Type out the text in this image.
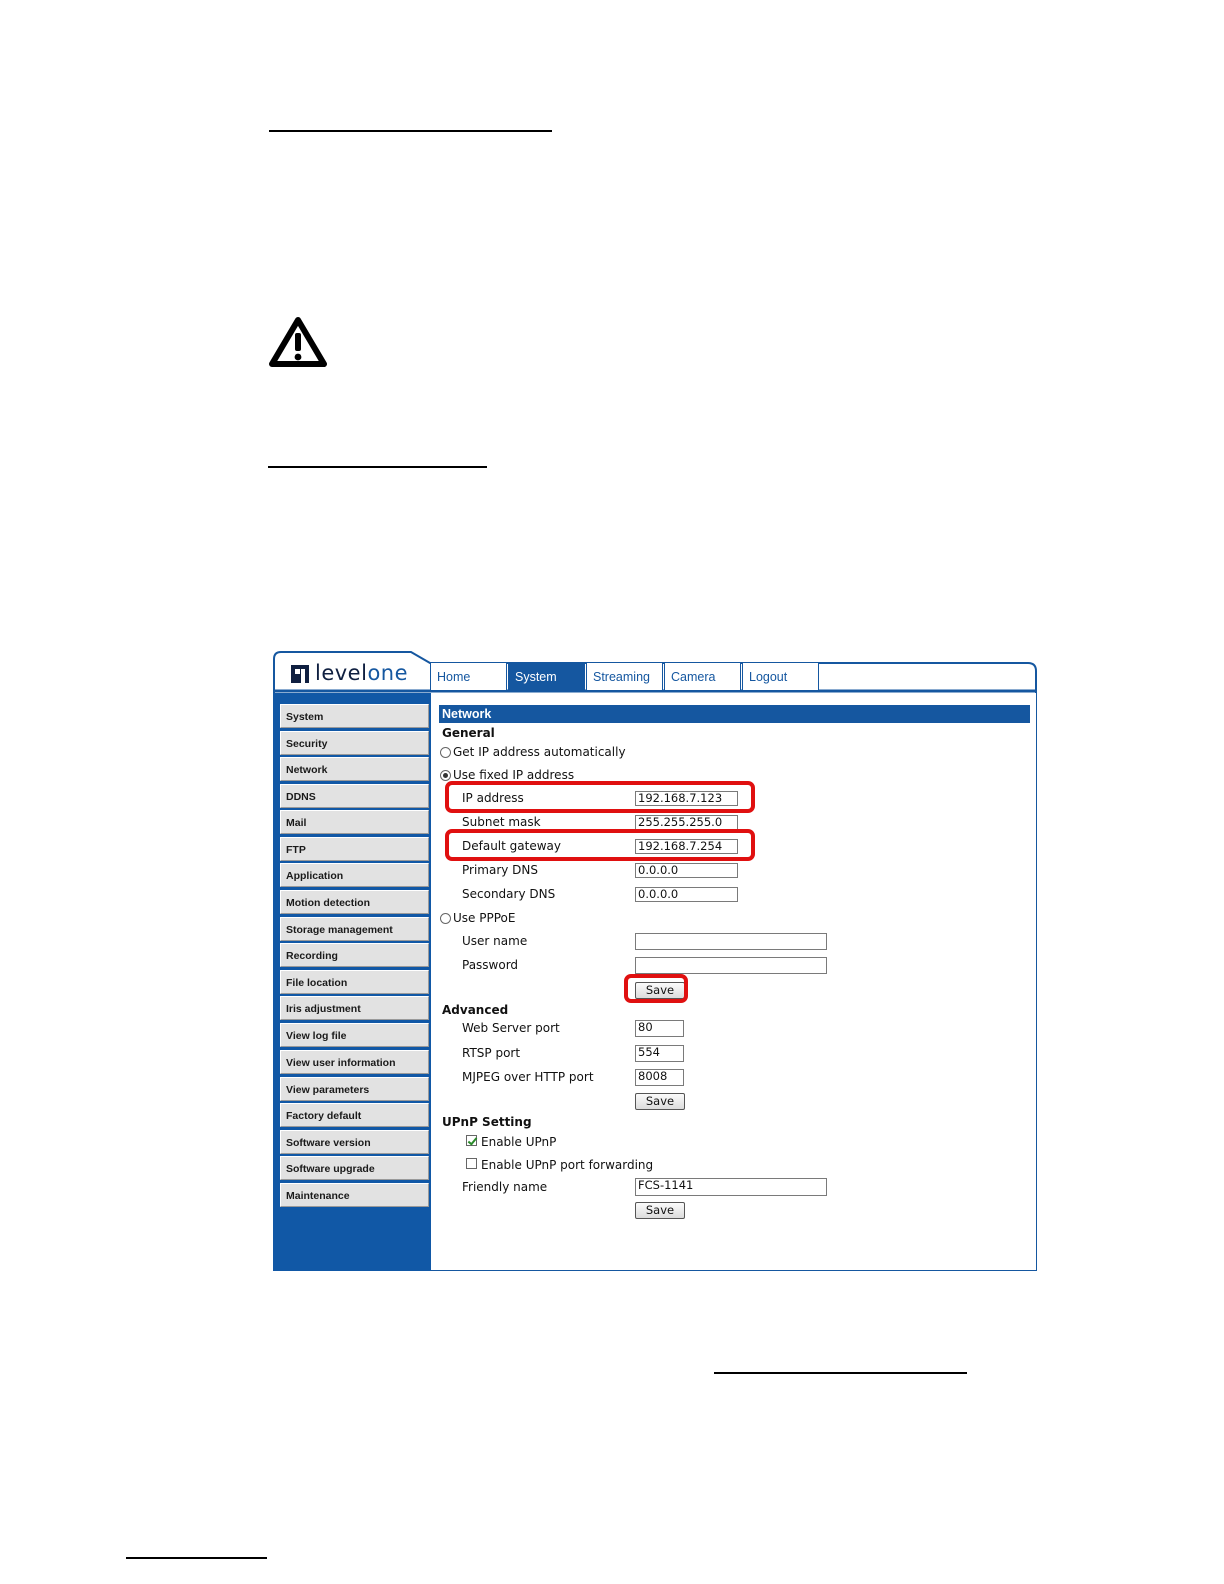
levelone	Home	System	Streaming	Camera	Logout
System
Security
Network
DDNS
Mail
FTP
Application
Motion detection
Storage management
Recording
File location
Iris adjustment
View log file
View user information
View parameters
Factory default
Software version
Software upgrade
Maintenance
Network
General
Get IP address automatically
Use fixed IP address
IP address	192.168.7.123
Subnet mask	255.255.255.0
Default gateway	192.168.7.254
Primary DNS	0.0.0.0
Secondary DNS	0.0.0.0
Use PPPoE
User name
Password
Save
Advanced
Web Server port	80
RTSP port	554
MJPEG over HTTP port	8008
Save
UPnP Setting
Enable UPnP
Enable UPnP port forwarding
Friendly name	FCS-1141
Save
